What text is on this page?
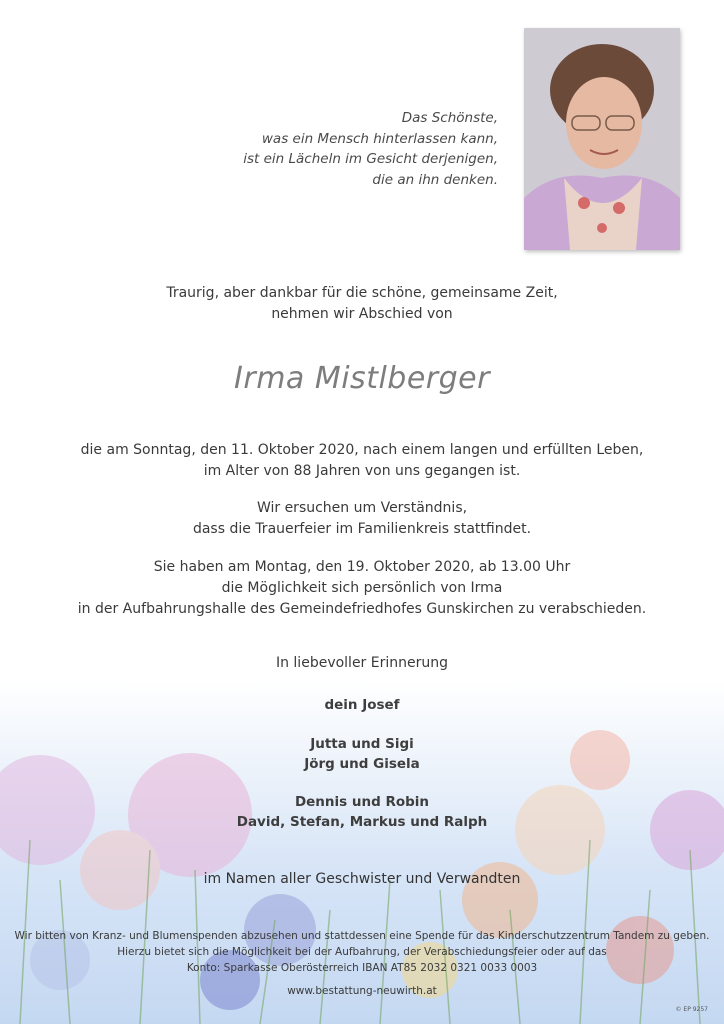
Das Schönste,
was ein Mensch hinterlassen kann,
ist ein Lächeln im Gesicht derjenigen,
die an ihn denken.
Traurig, aber dankbar für die schöne, gemeinsame Zeit,
nehmen wir Abschied von
Irma Mistlberger
die am Sonntag, den 11. Oktober 2020, nach einem langen und erfüllten Leben,
im Alter von 88 Jahren von uns gegangen ist.
Wir ersuchen um Verständnis,
dass die Trauerfeier im Familienkreis stattfindet.
Sie haben am Montag, den 19. Oktober 2020, ab 13.00 Uhr
die Möglichkeit sich persönlich von Irma
in der Aufbahrungshalle des Gemeindefriedhofes Gunskirchen zu verabschieden.
In liebevoller Erinnerung
dein Josef
Jutta und Sigi
Jörg und Gisela
Dennis und Robin
David, Stefan, Markus und Ralph
im Namen aller Geschwister und Verwandten
Wir bitten von Kranz- und Blumenspenden abzusehen und stattdessen eine Spende für das Kinderschutzzentrum Tandem zu geben.
Hierzu bietet sich die Möglichkeit bei der Aufbahrung, der Verabschiedungsfeier oder auf das
Konto: Sparkasse Oberösterreich IBAN AT85 2032 0321 0033 0003
www.bestattung-neuwirth.at
© EP 9257
